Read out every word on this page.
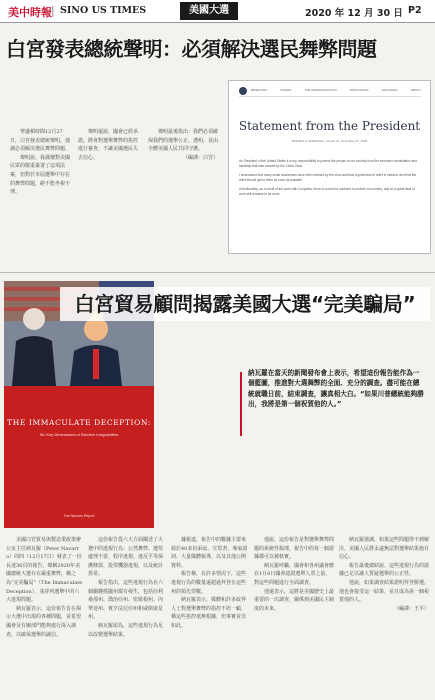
美中時報 | SINO US TIMES	美國大選	2020 年 12 月 30 日 P2
白宮發表總統聲明：必須解決選民舞弊問題

華盛頓時間12月27日，白宮發表總統聲明，強調必須解決選民舞弊問題。

聲明說，我滿懷對美國民眾的敬重簽署了這項法案，但對於本屆選舉中存在的舞弊問題，絕不能坐視不理。

聲明還說，國會已經承諾，將會對選舉舞弊的指控進行審查，不讓美國選民失去信心。

聲明最後指出：我們必須確保我們的選舉公正、透明，並由全體美國人民共同守護。

（編譯：白宮）
BRIEFINGS	ISSUES	THE ADMINISTRATION	PARTICIPATE	1600 PENN	ABOUT
Statement from the President
BUDGET & SPENDING · Issued on: December 27, 2020

As President of the United States it is my responsibility to protect the people of our country from the economic devastation and hardship that was caused by the China Virus.

I understand that many small businesses have been harmed by the virus and that a great deal of relief is needed, and that the relief should get to them as soon as possible.

Unfortunately, as a result of the work with Congress, there is a need to continue to protect our country; and so a great deal of work still remains to be done.

THE IMMACULATE DECEPTION:
Six Key Dimensions of Election Irregularities
The Navarro Report
白宮貿易顧問揭露美國大選“完美騙局”
納瓦羅在當天的新聞發布會上表示，希望這份報告能作為一個藍圖，推進對大選舞弊的全面、充分的調查。盡可能在總統就職日前，結束調查，讓真相大白。“如果川普總統能夠勝出，我將是第一個祝賀他的人。”

美國白宮貿易與製造業政策辦公室主任納瓦羅（Peter Navarro）周四（12月17日）發表了一份長達36頁的報告，聲稱2020年美國總統大選存在嚴重舞弊，稱之為“完美騙局”（The Immaculate Deception），並詳列選舉中的六大違規問題。

納瓦羅表示，這份報告旨在揭示大選中出現的各種問題，並希望國會及有關部門能夠進行深入調查，以確保選舉的誠信。

這份報告從六大方面闡述了大選中的違規行為：公然舞弊、選票處理不當、程序違規、違反平等保護條款、投票機器違規，以及統計異常。

報告指出，這些違規行為在六個關鍵搖擺州都有發生，包括亞利桑那州、喬治亞州、密歇根州、內華達州、賓夕法尼亞州和威斯康星州。

納瓦羅認為，這些違規行為足以改變選舉結果。

據報道，報告中的數據主要來源於40多份訴訟、宣誓書、專家證詞、大量媒體報導，以及其他公開資料。

報告稱，在許多情況下，這些違規行為的數量遠超過拜登在這些州的領先票數。

納瓦羅表示，媒體和許多政界人士對選舉舞弊的指控不屑一顧，稱這些指控毫無根據，但事實並非如此。

他說，這份報告是對選舉舞弊問題的系統性梳理，報告中的每一個證據都可以被核實。

納瓦羅呼籲，國會和各州議會應在1月6日國會認證選舉人票之前，對這些問題進行全面調查。

他還表示，這將是美國歷史上最重要的一次調查，關係到美國民主制度的未來。

納瓦羅強調，如果這些問題得不到解決，美國人民將永遠無法對選舉結果抱有信心。

報告最後總結說，這些違規行為的證據已足以讓人質疑選舉的公正性。

他說，如果調查結果證明拜登勝選，他也會接受這一結果，並且成為第一個祝賀他的人。

（編譯：王平）
